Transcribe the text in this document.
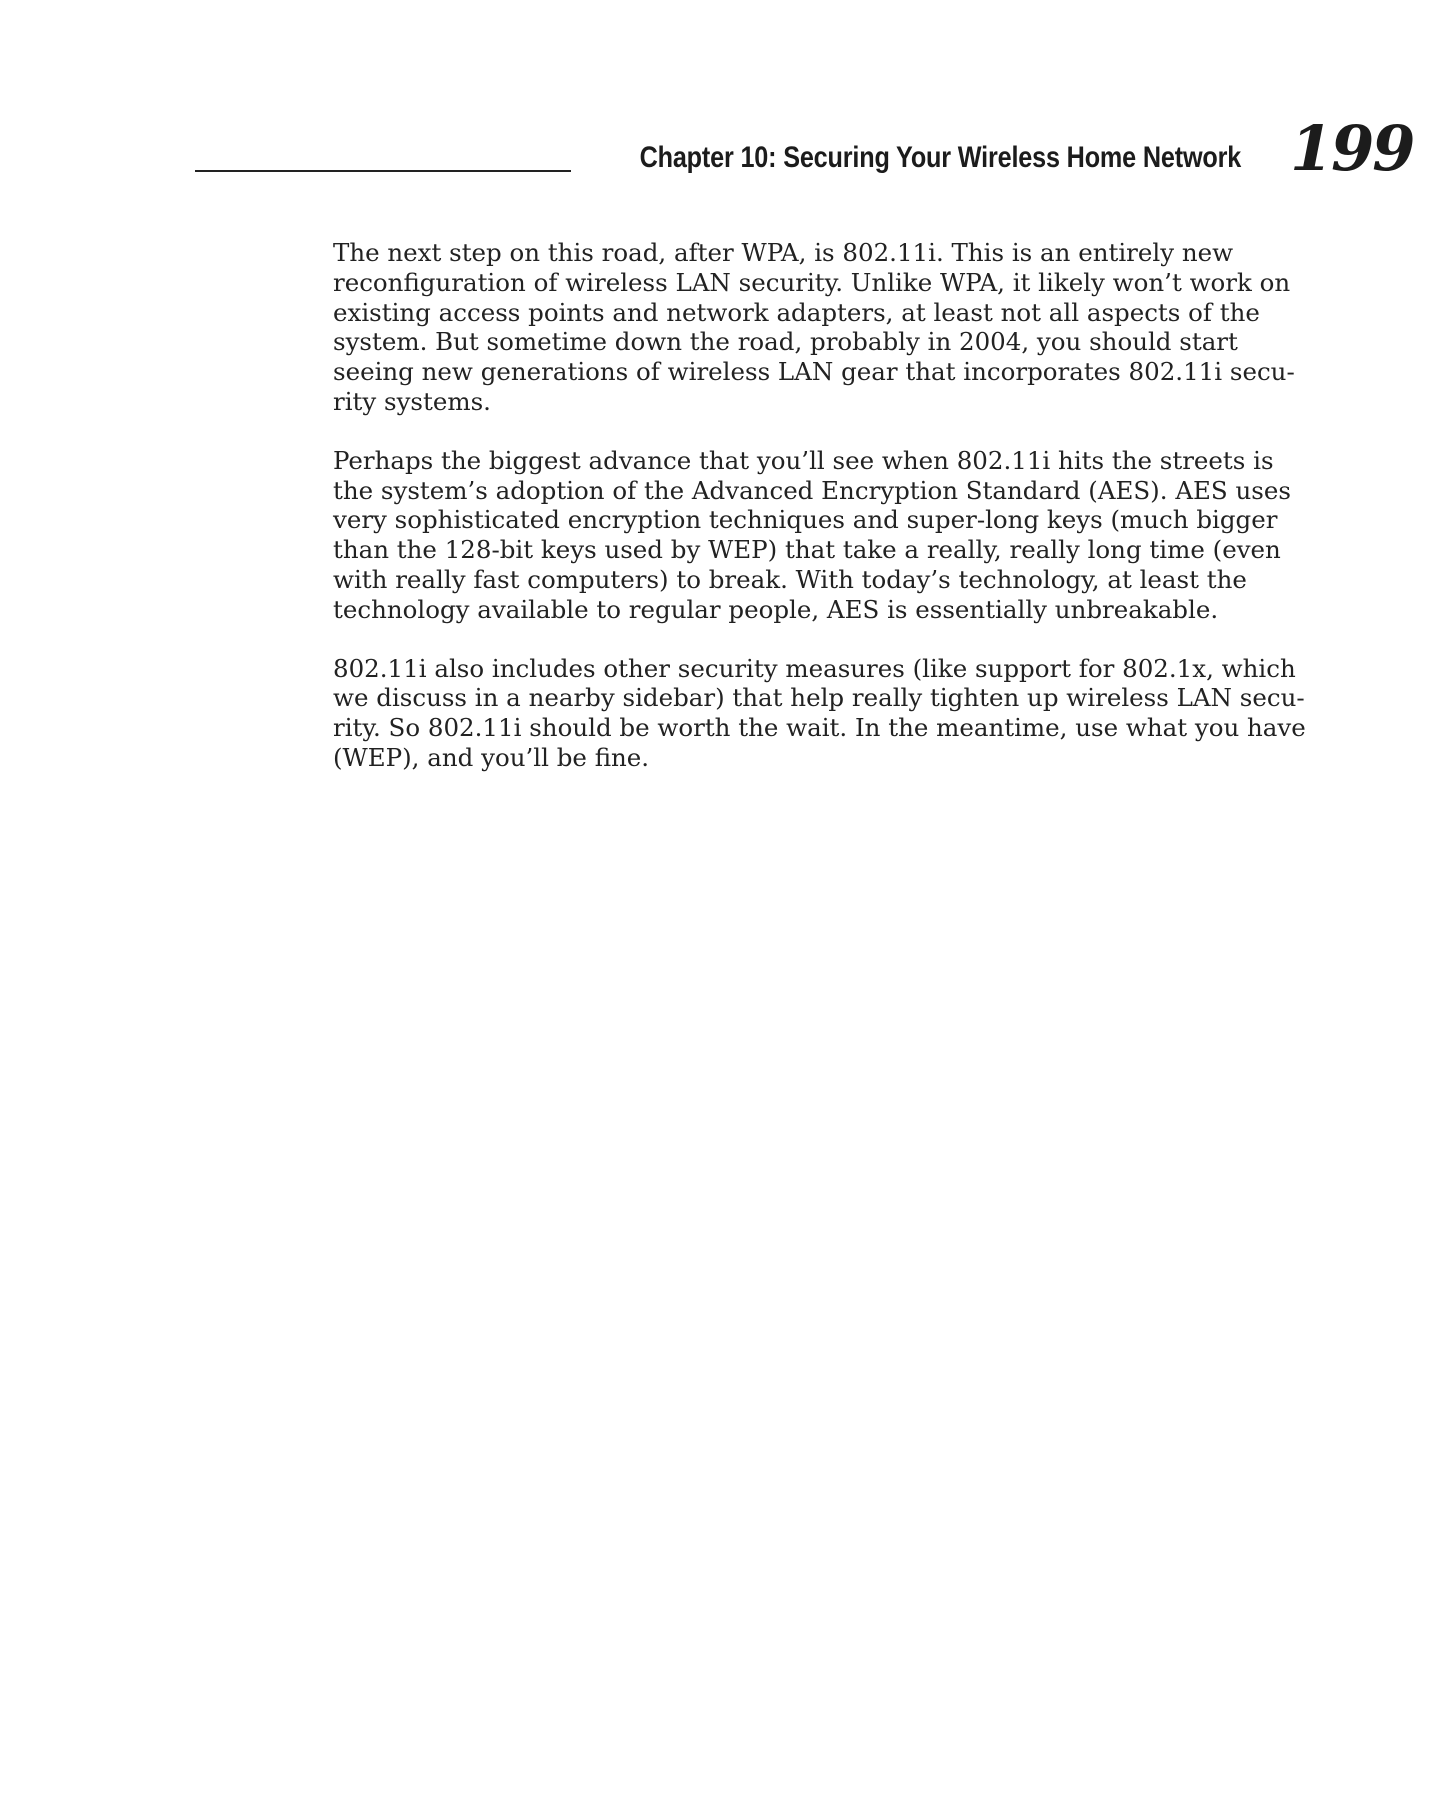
Chapter 10: Securing Your Wireless Home Network 199

The next step on this road, after WPA, is 802.11i. This is an entirely new
reconfiguration of wireless LAN security. Unlike WPA, it likely won’t work on
existing access points and network adapters, at least not all aspects of the
system. But sometime down the road, probably in 2004, you should start
seeing new generations of wireless LAN gear that incorporates 802.11i secu-
rity systems.

Perhaps the biggest advance that you’ll see when 802.11i hits the streets is
the system’s adoption of the Advanced Encryption Standard (AES). AES uses
very sophisticated encryption techniques and super-long keys (much bigger
than the 128-bit keys used by WEP) that take a really, really long time (even
with really fast computers) to break. With today’s technology, at least the
technology available to regular people, AES is essentially unbreakable.

802.11i also includes other security measures (like support for 802.1x, which
we discuss in a nearby sidebar) that help really tighten up wireless LAN secu-
rity. So 802.11i should be worth the wait. In the meantime, use what you have
(WEP), and you’ll be fine.
